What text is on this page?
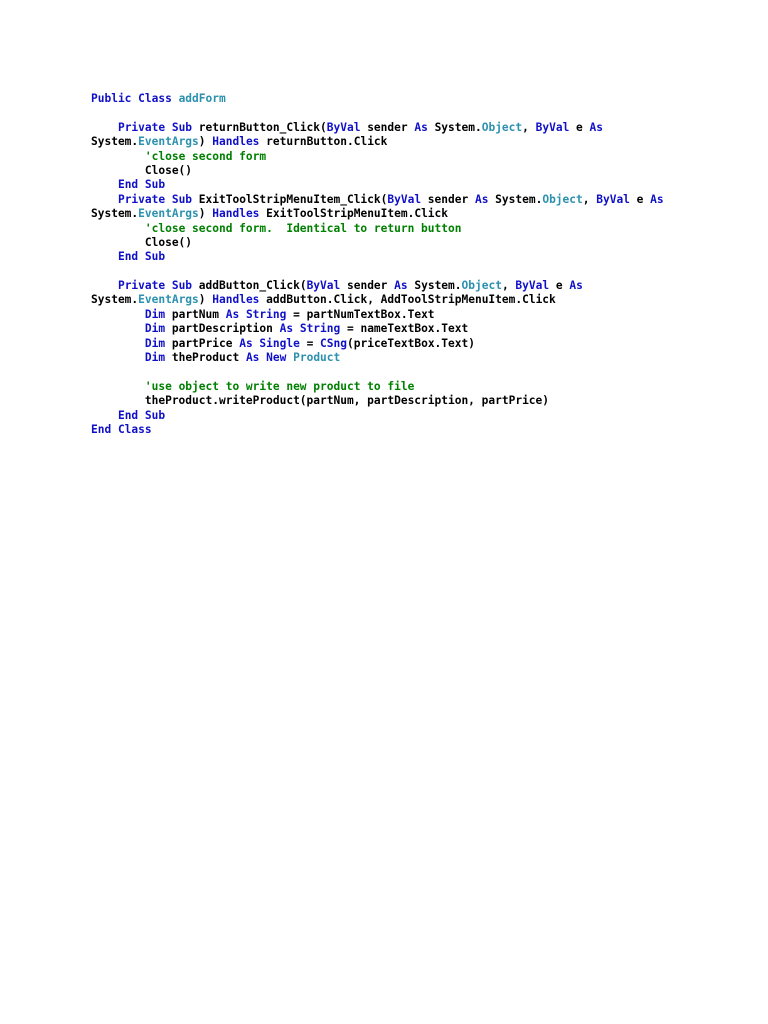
Public Class addForm

Private Sub returnButton_Click(ByVal sender As System.Object, ByVal e As
System.EventArgs) Handles returnButton.Click
'close second form
Close()
End Sub
Private Sub ExitToolStripMenuItem_Click(ByVal sender As System.Object, ByVal e As
System.EventArgs) Handles ExitToolStripMenuItem.Click
'close second form.  Identical to return button
Close()
End Sub

Private Sub addButton_Click(ByVal sender As System.Object, ByVal e As
System.EventArgs) Handles addButton.Click, AddToolStripMenuItem.Click
Dim partNum As String = partNumTextBox.Text
Dim partDescription As String = nameTextBox.Text
Dim partPrice As Single = CSng(priceTextBox.Text)
Dim theProduct As New Product

'use object to write new product to file
theProduct.writeProduct(partNum, partDescription, partPrice)
End Sub
End Class
